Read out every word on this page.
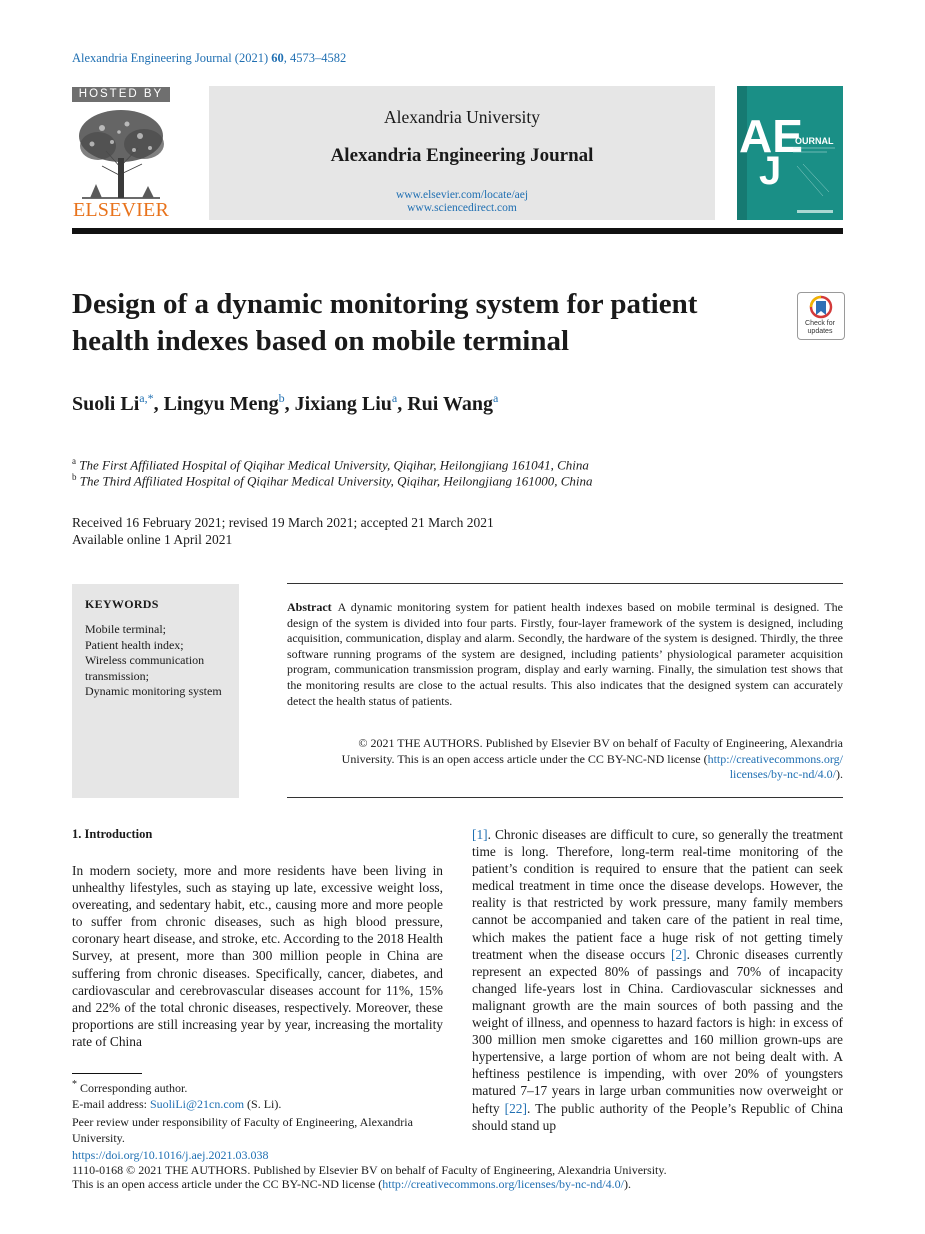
Alexandria Engineering Journal (2021) 60, 4573–4582
HOSTED BY
ELSEVIER
Alexandria University
Alexandria Engineering Journal
www.elsevier.com/locate/aej
www.sciencedirect.com
AE
J
OURNAL
Design of a dynamic monitoring system for patient health indexes based on mobile terminal
Check for updates
Suoli $Li^{a,*}$, Lingyu Meng$^b$, Jixiang Liu$^a$, Rui Wang$^a$
$^a$ The First Affiliated Hospital of Qiqihar Medical University, Qiqihar, Heilongjiang 161041, China
$^b$ The Third Affiliated Hospital of Qiqihar Medical University, Qiqihar, Heilongjiang 161000, China
Received 16 February 2021; revised 19 March 2021; accepted 21 March 2021
Available online 1 April 2021
KEYWORDS
Mobile terminal;
Patient health index;
Wireless communication
transmission;
Dynamic monitoring system
Abstract A dynamic monitoring system for patient health indexes based on mobile terminal is designed. The design of the system is divided into four parts. Firstly, four-layer framework of the system is designed, including acquisition, communication, display and alarm. Secondly, the hardware of the system is designed. Thirdly, the three software running programs of the system are designed, including patients’ physiological parameter acquisition program, communication transmission program, display and early warning. Finally, the simulation test shows that the monitoring results are close to the actual results. This also indicates that the designed system can accurately detect the health status of patients.
© 2021 THE AUTHORS. Published by Elsevier BV on behalf of Faculty of Engineering, Alexandria
University. This is an open access article under the CC BY-NC-ND license (http://creativecommons.org/
licenses/by-nc-nd/4.0/).
1. Introduction
In modern society, more and more residents have been living in unhealthy lifestyles, such as staying up late, excessive weight loss, overeating, and sedentary habit, etc., causing more and more people to suffer from chronic diseases, such as high blood pressure, coronary heart disease, and stroke, etc. According to the 2018 Health Survey, at present, more than 300 million people in China are suffering from chronic diseases. Specifically, cancer, diabetes, and cardiovascular and cerebrovascular diseases account for 11%, 15% and 22% of the total chronic diseases, respectively. Moreover, these proportions are still increasing year by year, increasing the mortality rate of China
[1]. Chronic diseases are difficult to cure, so generally the treatment time is long. Therefore, long-term real-time monitoring of the patient’s condition is required to ensure that the patient can seek medical treatment in time once the disease develops. However, the reality is that restricted by work pressure, many family members cannot be accompanied and taken care of the patient in real time, which makes the patient face a huge risk of not getting timely treatment when the disease occurs [2]. Chronic diseases currently represent an expected 80% of passings and 70% of incapacity changed life-years lost in China. Cardiovascular sicknesses and malignant growth are the main sources of both passing and the weight of illness, and openness to hazard factors is high: in excess of 300 million men smoke cigarettes and 160 million grown-ups are hypertensive, a large portion of whom are not being dealt with. A heftiness pestilence is impending, with over 20% of youngsters matured 7–17 years in large urban communities now overweight or hefty [22]. The public authority of the People’s Republic of China should stand up
* Corresponding author.
E-mail address: SuoliLi@21cn.com (S. Li).
Peer review under responsibility of Faculty of Engineering, Alexandria University.
https://doi.org/10.1016/j.aej.2021.03.038
1110-0168 © 2021 THE AUTHORS. Published by Elsevier BV on behalf of Faculty of Engineering, Alexandria University.
This is an open access article under the CC BY-NC-ND license (http://creativecommons.org/licenses/by-nc-nd/4.0/).
